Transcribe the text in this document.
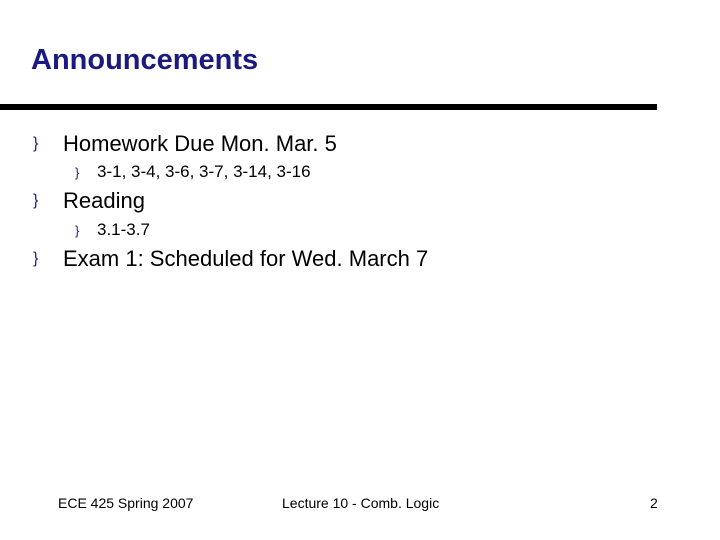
Announcements
}	Homework Due Mon. Mar. 5
}	3-1, 3-4, 3-6, 3-7, 3-14, 3-16
}	Reading
}	3.1-3.7
}	Exam 1: Scheduled for Wed. March 7
ECE 425 Spring 2007	Lecture 10 - Comb. Logic	2
